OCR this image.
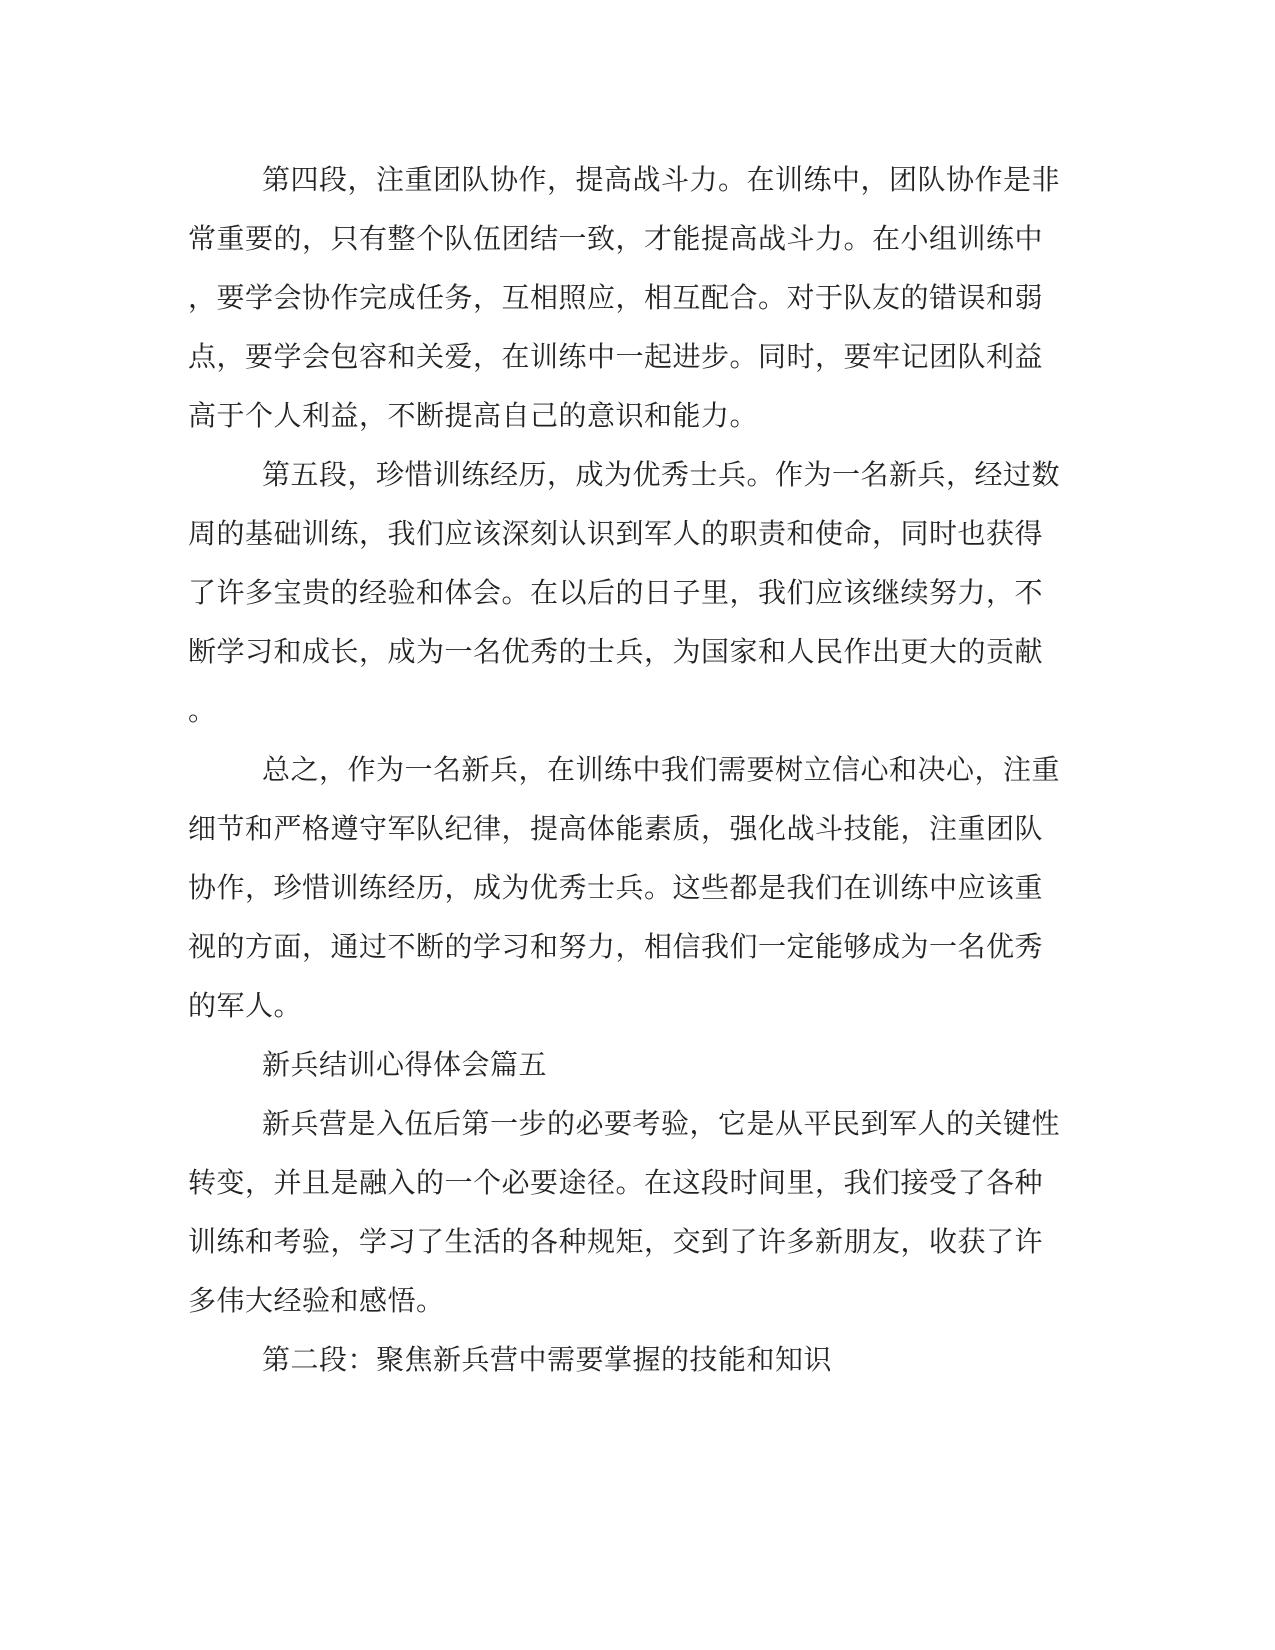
第四段，注重团队协作，提高战斗力。在训练中，团队协作是非
常重要的，只有整个队伍团结一致，才能提高战斗力。在小组训练中
，要学会协作完成任务，互相照应，相互配合。对于队友的错误和弱
点，要学会包容和关爱，在训练中一起进步。同时，要牢记团队利益
高于个人利益，不断提高自己的意识和能力。
第五段，珍惜训练经历，成为优秀士兵。作为一名新兵，经过数
周的基础训练，我们应该深刻认识到军人的职责和使命，同时也获得
了许多宝贵的经验和体会。在以后的日子里，我们应该继续努力，不
断学习和成长，成为一名优秀的士兵，为国家和人民作出更大的贡献
。
总之，作为一名新兵，在训练中我们需要树立信心和决心，注重
细节和严格遵守军队纪律，提高体能素质，强化战斗技能，注重团队
协作，珍惜训练经历，成为优秀士兵。这些都是我们在训练中应该重
视的方面，通过不断的学习和努力，相信我们一定能够成为一名优秀
的军人。
新兵结训心得体会篇五
新兵营是入伍后第一步的必要考验，它是从平民到军人的关键性
转变，并且是融入的一个必要途径。在这段时间里，我们接受了各种
训练和考验，学习了生活的各种规矩，交到了许多新朋友，收获了许
多伟大经验和感悟。
第二段：聚焦新兵营中需要掌握的技能和知识
